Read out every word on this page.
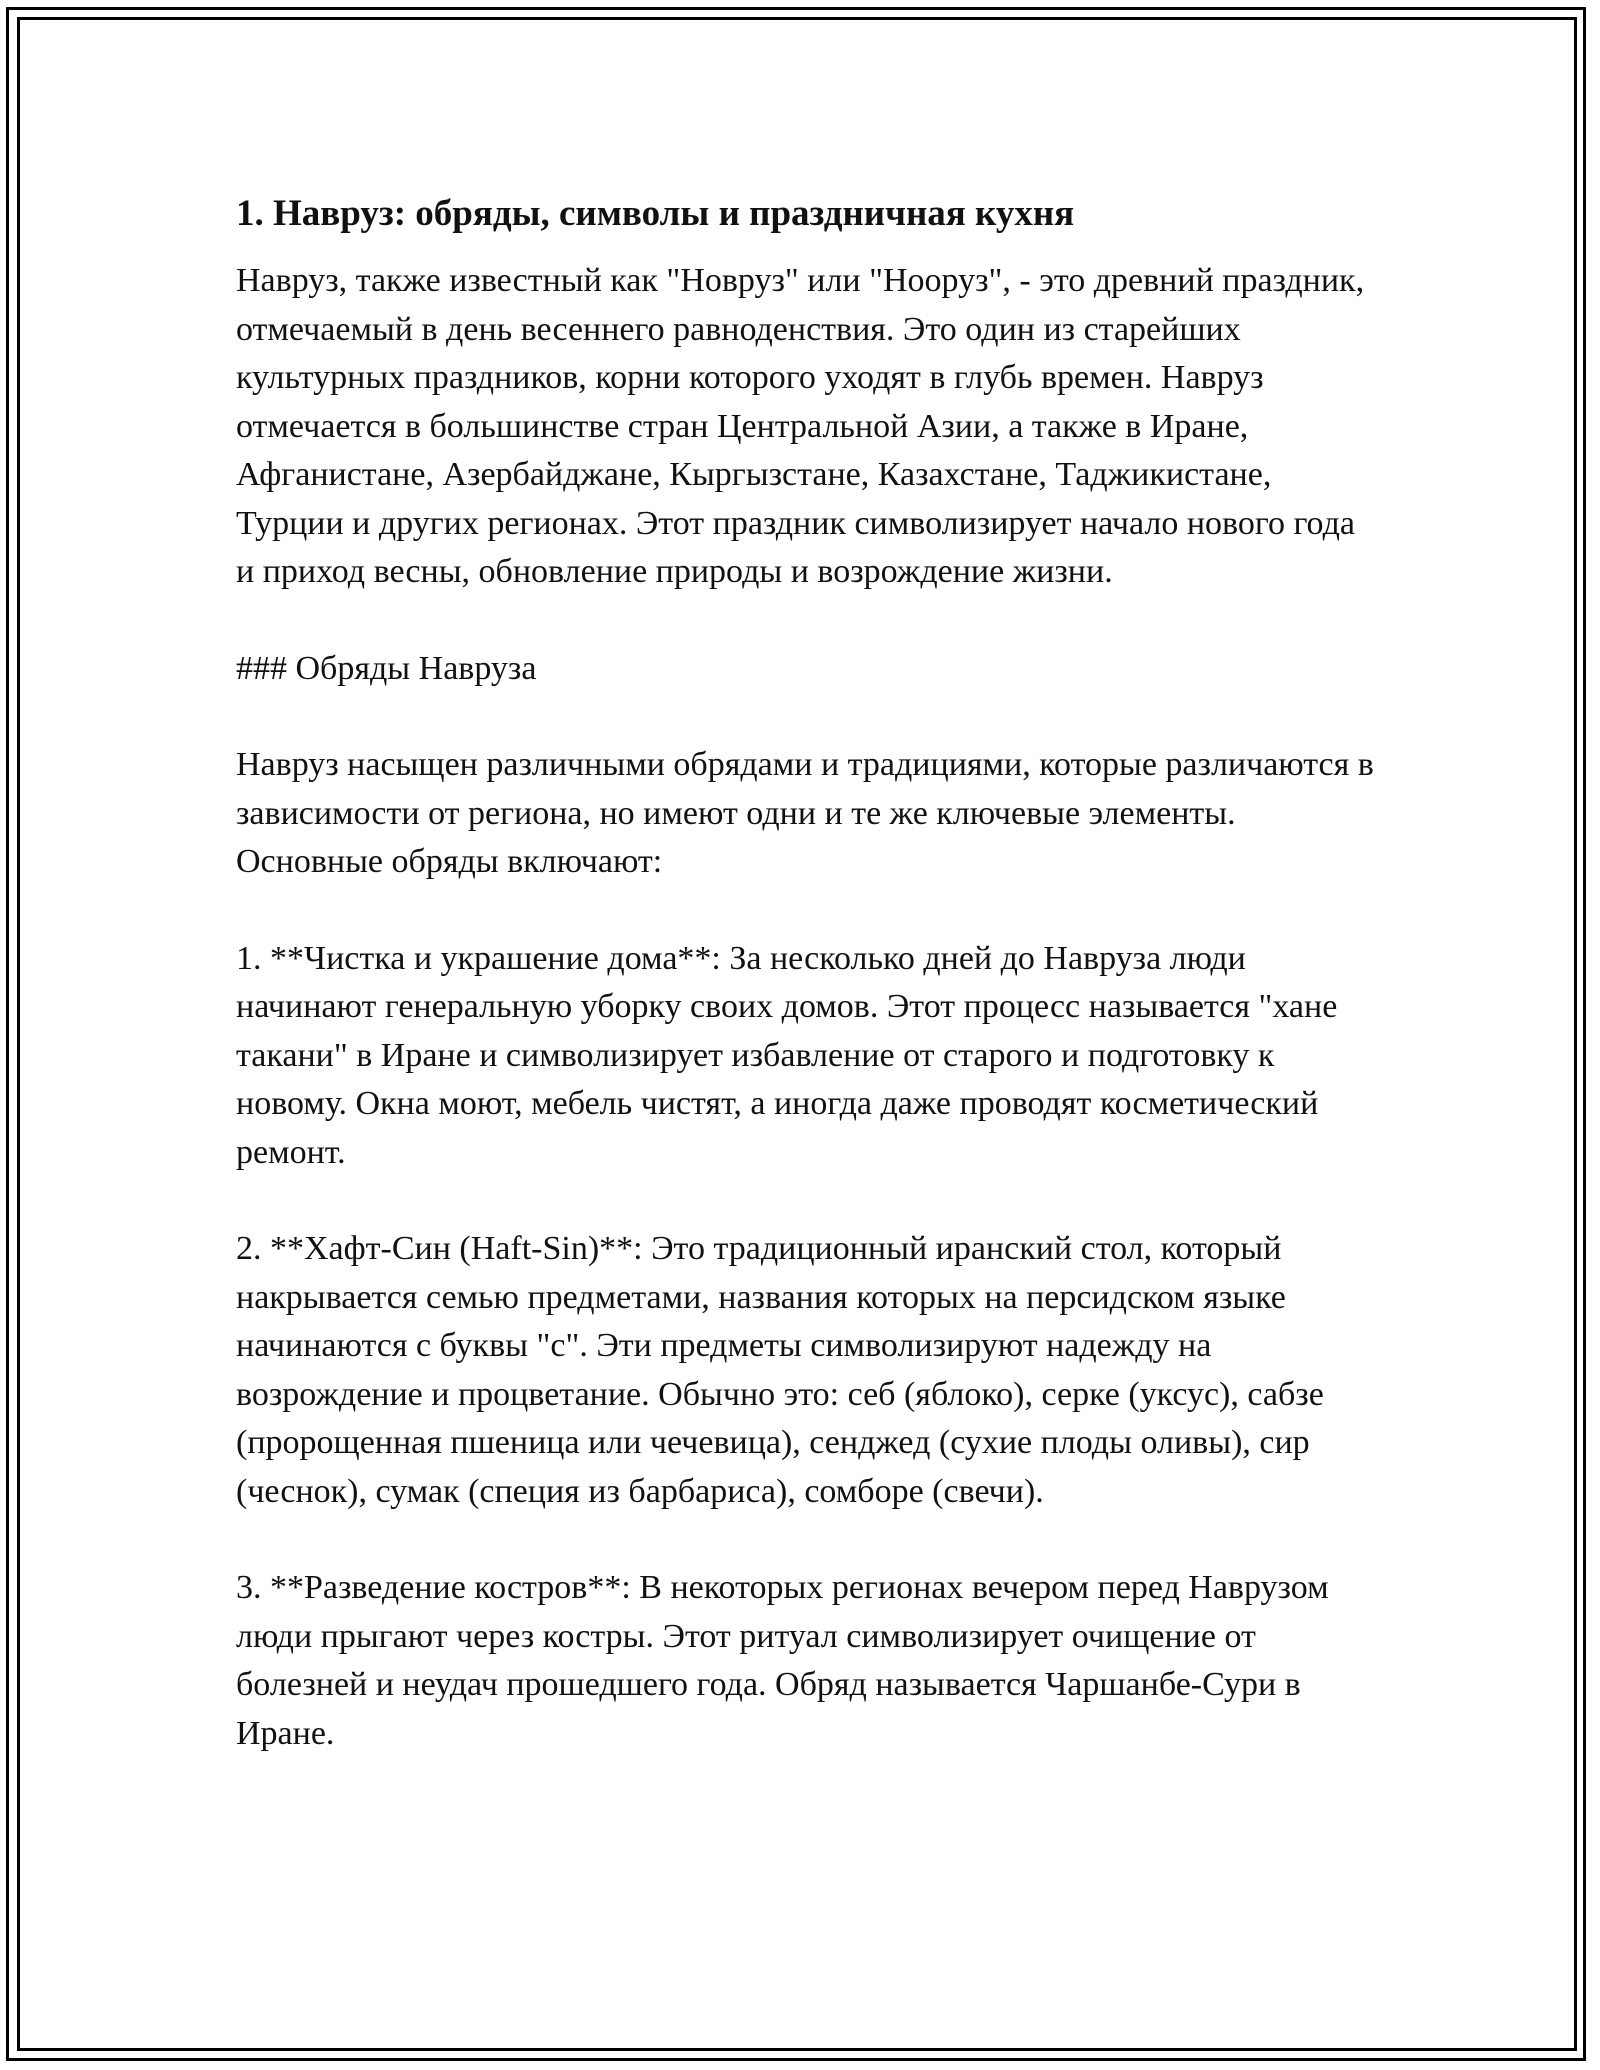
1. Навруз: обряды, символы и праздничная кухня

Навруз, также известный как "Новруз" или "Нооруз", - это древний праздник, отмечаемый в день весеннего равноденствия. Это один из старейших культурных праздников, корни которого уходят в глубь времен. Навруз отмечается в большинстве стран Центральной Азии, а также в Иране, Афганистане, Азербайджане, Кыргызстане, Казахстане, Таджикистане, Турции и других регионах. Этот праздник символизирует начало нового года и приход весны, обновление природы и возрождение жизни.

### Обряды Навруза

Навруз насыщен различными обрядами и традициями, которые различаются в зависимости от региона, но имеют одни и те же ключевые элементы. Основные обряды включают:

1. **Чистка и украшение дома**: За несколько дней до Навруза люди начинают генеральную уборку своих домов. Этот процесс называется "хане такани" в Иране и символизирует избавление от старого и подготовку к новому. Окна моют, мебель чистят, а иногда даже проводят косметический ремонт.

2. **Хафт-Син (Haft-Sin)**: Это традиционный иранский стол, который накрывается семью предметами, названия которых на персидском языке начинаются с буквы "с". Эти предметы символизируют надежду на возрождение и процветание. Обычно это: себ (яблоко), серке (уксус), сабзе (пророщенная пшеница или чечевица), сенджед (сухие плоды оливы), сир (чеснок), сумак (специя из барбариса), сомборе (свечи).

3. **Разведение костров**: В некоторых регионах вечером перед Наврузом люди прыгают через костры. Этот ритуал символизирует очищение от болезней и неудач прошедшего года. Обряд называется Чаршанбе-Сури в Иране.
